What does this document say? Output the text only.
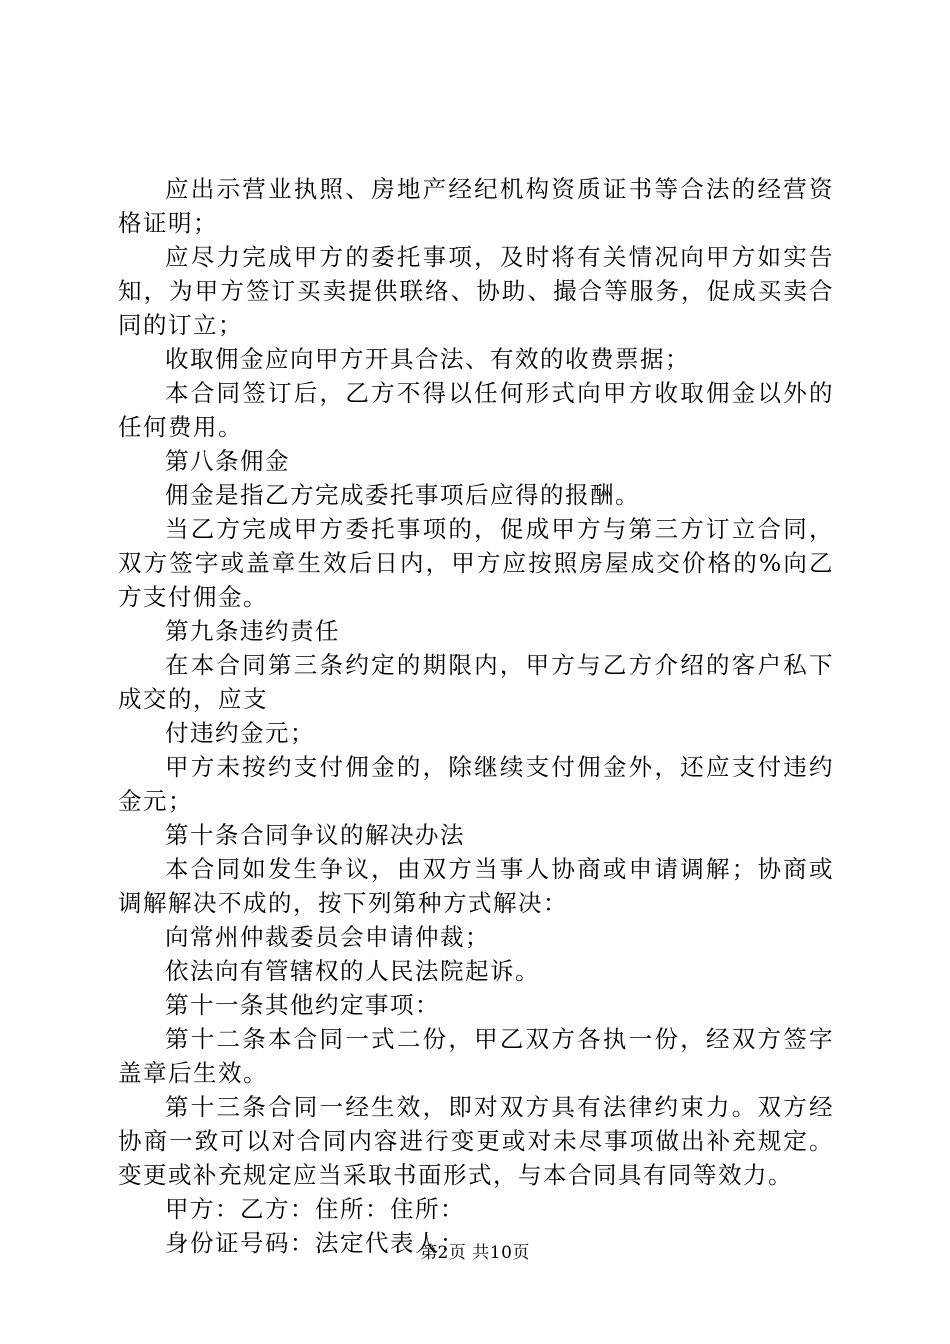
应出示营业执照、房地产经纪机构资质证书等合法的经营资格证明；

应尽力完成甲方的委托事项，及时将有关情况向甲方如实告知，为甲方签订买卖提供联络、协助、撮合等服务，促成买卖合同的订立；

收取佣金应向甲方开具合法、有效的收费票据；

本合同签订后，乙方不得以任何形式向甲方收取佣金以外的任何费用。

第八条佣金

佣金是指乙方完成委托事项后应得的报酬。

当乙方完成甲方委托事项的，促成甲方与第三方订立合同，双方签字或盖章生效后日内，甲方应按照房屋成交价格的%向乙方支付佣金。

第九条违约责任

在本合同第三条约定的期限内，甲方与乙方介绍的客户私下成交的，应支

付违约金元；

甲方未按约支付佣金的，除继续支付佣金外，还应支付违约金元；

第十条合同争议的解决办法

本合同如发生争议，由双方当事人协商或申请调解；协商或调解解决不成的，按下列第种方式解决：

向常州仲裁委员会申请仲裁；

依法向有管辖权的人民法院起诉。

第十一条其他约定事项：

第十二条本合同一式二份，甲乙双方各执一份，经双方签字盖章后生效。

第十三条合同一经生效，即对双方具有法律约束力。双方经协商一致可以对合同内容进行变更或对未尽事项做出补充规定。变更或补充规定应当采取书面形式，与本合同具有同等效力。

甲方：乙方：住所：住所：

身份证号码：法定代表人：

第2页 共10页
